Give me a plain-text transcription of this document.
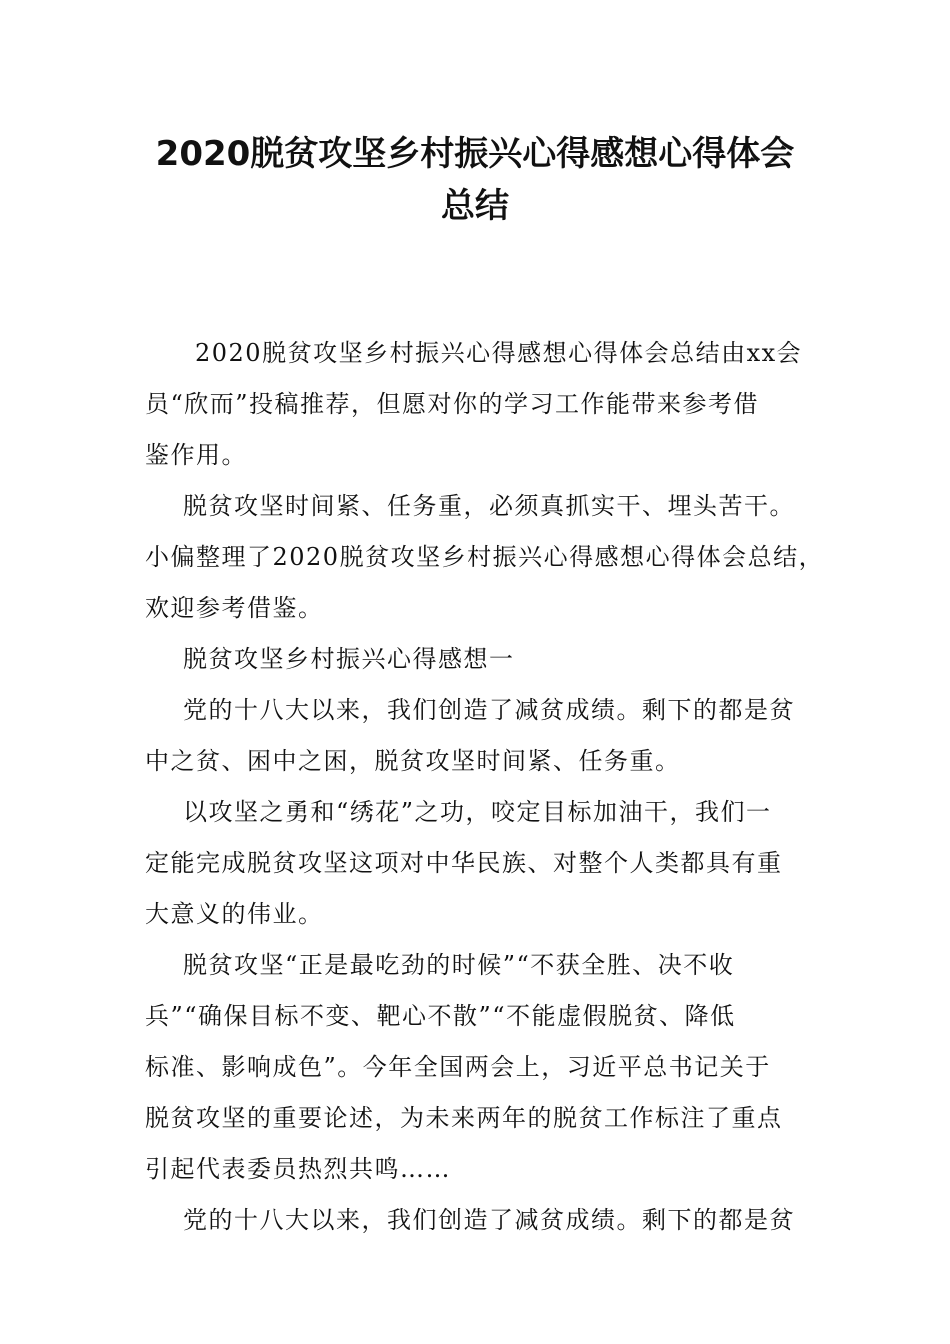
2020脱贫攻坚乡村振兴心得感想心得体会
总结

2020脱贫攻坚乡村振兴心得感想心得体会总结由xx会
员“欣而”投稿推荐，但愿对你的学习工作能带来参考借
鉴作用。

脱贫攻坚时间紧、任务重，必须真抓实干、埋头苦干。
小偏整理了2020脱贫攻坚乡村振兴心得感想心得体会总结，
欢迎参考借鉴。

脱贫攻坚乡村振兴心得感想一

党的十八大以来，我们创造了减贫成绩。剩下的都是贫
中之贫、困中之困，脱贫攻坚时间紧、任务重。

以攻坚之勇和“绣花”之功，咬定目标加油干，我们一
定能完成脱贫攻坚这项对中华民族、对整个人类都具有重
大意义的伟业。

脱贫攻坚“正是最吃劲的时候”“不获全胜、决不收
兵”“确保目标不变、靶心不散”“不能虚假脱贫、降低
标准、影响成色”。今年全国两会上，习近平总书记关于
脱贫攻坚的重要论述，为未来两年的脱贫工作标注了重点
引起代表委员热烈共鸣……

党的十八大以来，我们创造了减贫成绩。剩下的都是贫
